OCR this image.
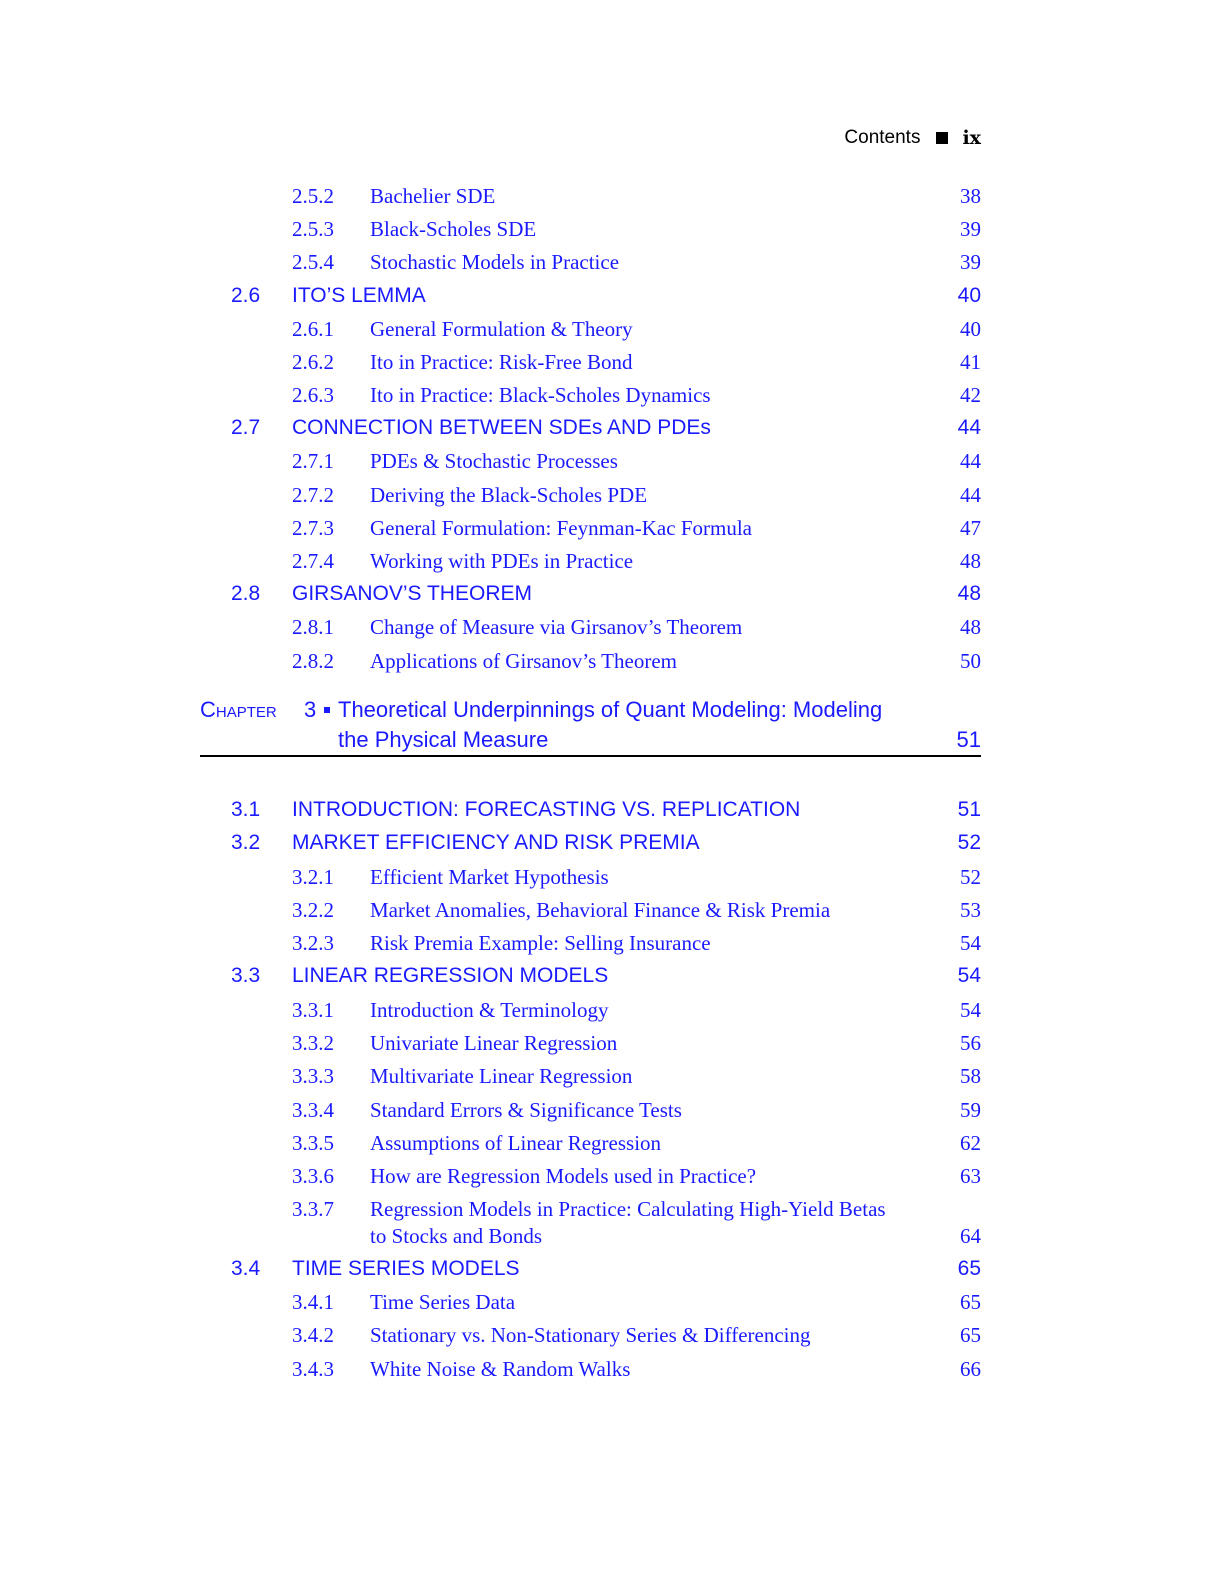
Contents ix
2.5.2 Bachelier SDE	38
2.5.3 Black-Scholes SDE	39
2.5.4 Stochastic Models in Practice	39
2.6 ITO’S LEMMA	40
2.6.1 General Formulation & Theory	40
2.6.2 Ito in Practice: Risk-Free Bond	41
2.6.3 Ito in Practice: Black-Scholes Dynamics	42
2.7 CONNECTION BETWEEN SDEs AND PDEs	44
2.7.1 PDEs & Stochastic Processes	44
2.7.2 Deriving the Black-Scholes PDE	44
2.7.3 General Formulation: Feynman-Kac Formula	47
2.7.4 Working with PDEs in Practice	48
2.8 GIRSANOV’S THEOREM	48
2.8.1 Change of Measure via Girsanov’s Theorem	48
2.8.2 Applications of Girsanov’s Theorem	50
Chapter 3 Theoretical Underpinnings of Quant Modeling: Modeling
the Physical Measure	51
3.1 INTRODUCTION: FORECASTING VS. REPLICATION	51
3.2 MARKET EFFICIENCY AND RISK PREMIA	52
3.2.1 Efficient Market Hypothesis	52
3.2.2 Market Anomalies, Behavioral Finance & Risk Premia	53
3.2.3 Risk Premia Example: Selling Insurance	54
3.3 LINEAR REGRESSION MODELS	54
3.3.1 Introduction & Terminology	54
3.3.2 Univariate Linear Regression	56
3.3.3 Multivariate Linear Regression	58
3.3.4 Standard Errors & Significance Tests	59
3.3.5 Assumptions of Linear Regression	62
3.3.6 How are Regression Models used in Practice?	63
3.3.7 Regression Models in Practice: Calculating High-Yield Betas
to Stocks and Bonds	64
3.4 TIME SERIES MODELS	65
3.4.1 Time Series Data	65
3.4.2 Stationary vs. Non-Stationary Series & Differencing	65
3.4.3 White Noise & Random Walks	66
